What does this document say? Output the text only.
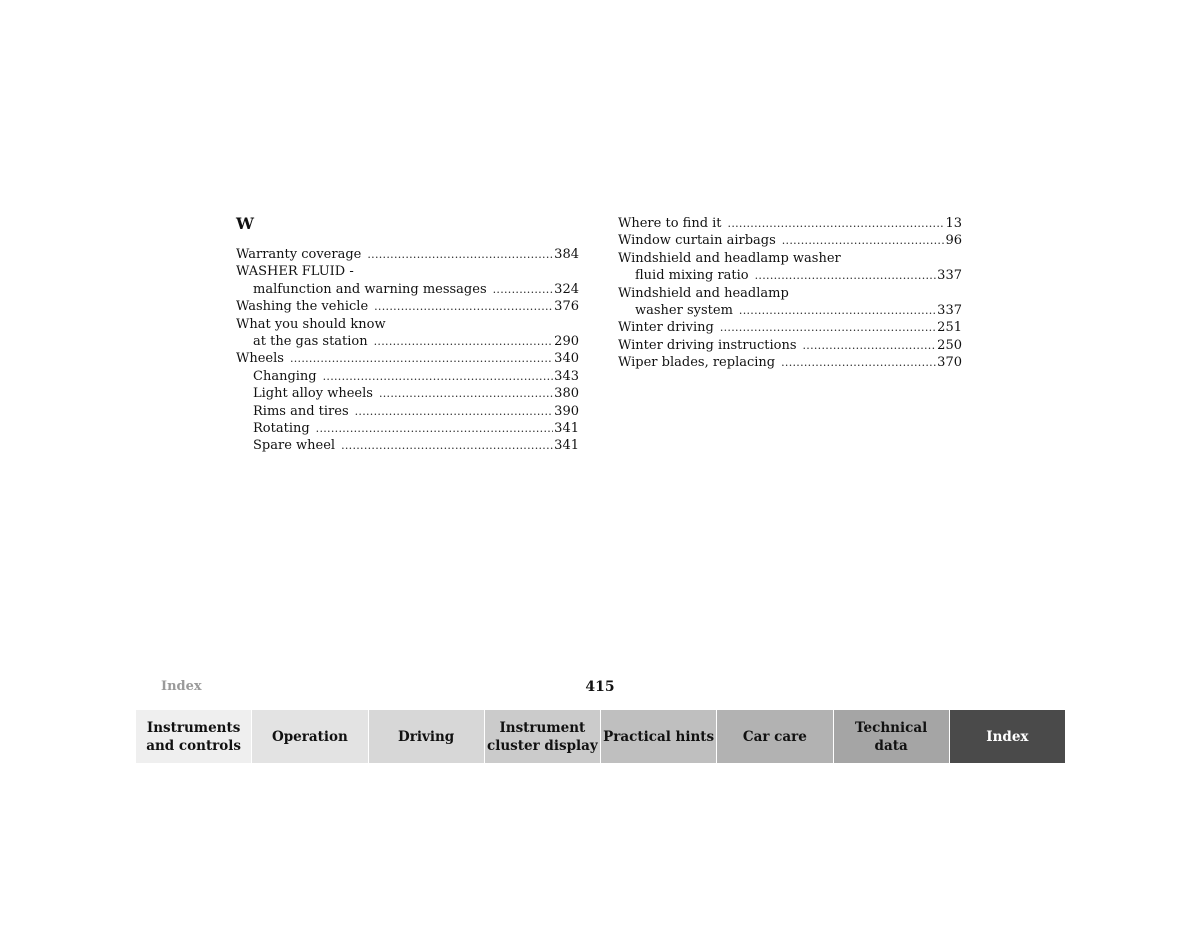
W
Warranty coverage .....	384
WASHER FLUID -
malfunction and warning messages .....	324
Washing the vehicle .....	376
What you should know
at the gas station .....	290
Wheels .....	340
Changing .....	343
Light alloy wheels .....	380
Rims and tires .....	390
Rotating .....	341
Spare wheel .....	341
Where to find it .....	13
Window curtain airbags .....	96
Windshield and headlamp washer
fluid mixing ratio .....	337
Windshield and headlamp
washer system .....	337
Winter driving .....	251
Winter driving instructions .....	250
Wiper blades, replacing .....	370
Index	415
Instruments
and controls
Operation	Driving
Instrument
cluster display
Practical hints	Car care
Technical
data
Index
